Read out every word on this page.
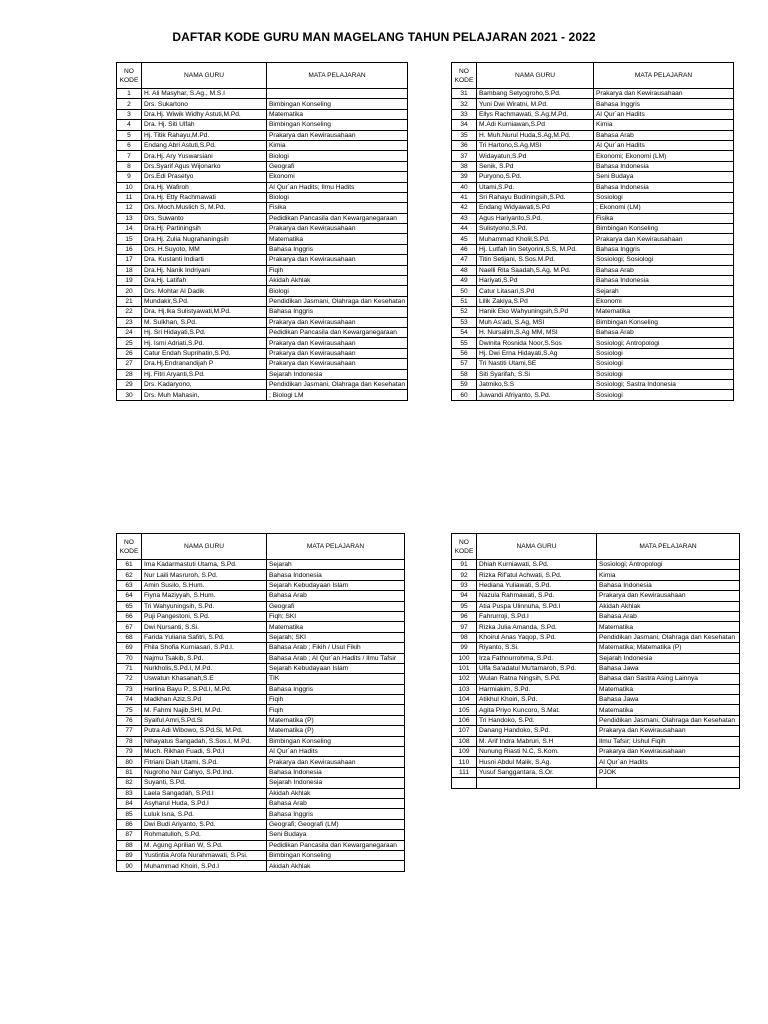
DAFTAR KODE GURU MAN MAGELANG TAHUN PELAJARAN 2021 - 2022
NO
KODE	NAMA GURU	MATA PELAJARAN
1	H. Ali Masyhar, S.Ag., M.S.I	
2	Drs. Sukartono	Bimbingan Konseling
3	Dra.Hj. Wiwik Widhy Astuti,M.Pd.	Matematika
4	Dra. Hj. Siti Ulfah	Bimbingan Konseling
5	Hj. Titik Rahayu,M.Pd.	Prakarya dan Kewirausahaan
6	Endang Abri Astuti,S.Pd.	Kimia
7	Dra.Hj. Ary Yuswarsiani	Biologi
8	Drs.Syarif Agus Wijonarko	Geografi
9	Drs.Edi Prasetyo	Ekonomi
10	Dra.Hj. Wafiroh	Al Qur`an Hadits; Ilmu Hadits
11	Dra.Hj. Etty Rachmawati	Biologi
12	Drs. Moch.Muslich S, M.Pd.	Fisika
13	Drs. Suwanto	Pedidikan Pancasila dan Kewarganegaraan
14	Dra.Hj. Partiningsih	Prakarya dan Kewirausahaan
15	Dra.Hj. Zulia Nugrahaningsih	Matematika
16	Drs. H.Suyoto, MM	Bahasa Inggris
17	Dra. Kustanti Indiarti	Prakarya dan Kewirausahaan
18	Dra.Hj. Nanik Indriyani	Fiqih
19	Dra.Hj. Latifah	Akidah Akhlak
20	Drs. Mohtar Al Dadik	Biologi
21	Mundakir,S.Pd.	Pendidikan Jasmani, Olahraga dan Kesehatan
22	Dra. Hj.Ika Sulistyawati,M.Pd.	Bahasa Inggris
23	M. Sulkhan, S.Pd.	Prakarya dan Kewirausahaan
24	Hj. Sri Hidayati,S.Pd.	Pedidikan Pancasila dan Kewarganegaraan
25	Hj. Ismi Adriati,S.Pd.	Prakarya dan Kewirausahaan
26	Catur Endah Suprihatin,S.Pd.	Prakarya dan Kewirausahaan
27	Dra.Hj.Endranandijah P	Prakarya dan Kewirausahaan
28	Hj. Fitri Aryanti,S.Pd.	Sejarah Indonesia
29	Drs. Kadaryono,	Pendidikan Jasmani, Olahraga dan Kesehatan
30	Drs. Muh Mahasin,	; Biologi LM
NO
KODE	NAMA GURU	MATA PELAJARAN
31	Bambang Setyogroho,S.Pd.	Prakarya dan Kewirausahaan
32	Yuni Dwi Wiratni, M.Pd.	Bahasa Inggris
33	Ellys Rachmawati, S.Ag.M.Pd.	Al Qur`an Hadits
34	M.Adi Kurniawan,S.Pd	Kimia
35	H. Muh.Nurul Huda,S.Ag,M.Pd.	Bahasa Arab
36	Tri Hartono,S.Ag.MSI	Al Qur`an Hadits
37	Widayatun,S.Pd	Ekonomi; Ekonomi (LM)
38	Senik, S.Pd	Bahasa Indonesia
39	Puryono,S.Pd.	Seni Budaya
40	Utami,S.Pd.	Bahasa Indonesia
41	Sri Rahayu Budiningsih,S.Pd.	Sosiologi
42	Endang Widyawati,S.Pd	; Ekonomi (LM)
43	Agus Hariyanto,S.Pd.	Fisika
44	Sulistyono,S.Pd.	Bimbingan Konseling
45	Muhammad Kholil,S.Pd.	Prakarya dan Kewirausahaan
46	Hj. Lutfah Iin Setyorini,S.S, M.Pd.	Bahasa Inggris
47	Titin Setijani, S.Sos.M.Pd.	Sosiologi; Sosiologi
48	Naelli Rita Saadah,S.Ag. M.Pd.	Bahasa Arab
49	Hariyati,S.Pd	Bahasa Indonesia
50	Catur Litasari,S.Pd	Sejarah
51	Lilik Zakiya,S.Pd	Ekonomi
52	Hanik Eko Wahyuningsih,S.Pd	Matematika
53	Muh As'adi, S.Ag, MSI	Bimbingan Konseling
54	H. Nursalim,S.Ag MM, MSI	Bahasa Arab
55	Dwinita Rosnida Noor,S.Sos	Sosiologi; Antropologi
56	Hj. Dwi Erna Hidayati,S.Ag	Sosiologi
57	Tri Nastiti Utami,SE	Sosiologi
58	Siti Syarifah, S.Si	Sosiologi
59	Jatmiko,S.S	Sosiologi; Sastra Indonesia
60	Juwandi Afriyanto, S.Pd.	Sosiologi
NO
KODE	NAMA GURU	MATA PELAJARAN
61	Ima Kadarmastuti Utama, S.Pd.	Sejarah
62	Nur Laili Masruroh, S.Pd.	Bahasa Indonesia
63	Amin Susilo, S.Hum.	Sejarah Kebudayaan Islam
64	Fiyna Maziyyah, S.Hum.	Bahasa Arab
65	Tri Wahyuningsih, S.Pd.	Geografi
66	Puji Pangestoni, S.Pd.	Fiqh; SKI
67	Dwi Nursanti, S.Si.	Matematika
68	Farida Yuliana Safitri, S.Pd.	Sejarah; SKI
69	Fhila Shofia Kurniasari, S.Pd.I.	Bahasa Arab ; Fikih / Usul Fikih
70	Najmu Tsakib, S.Pd.	Bahasa Arab ; Al Qur`an Hadits / Ilmu Tafsir
71	Nurkholis,S.Pd.I, M.Pd.	Sejarah Kebudayaan Islam
72	Uswatun Khasanah,S.E	TIK
73	Herlina Bayu P., S.Pd.I, M.Pd.	Bahasa Inggris
74	Madkhan Aziz,S.Pd	Fiqih
75	M. Fahmi Najib,SHI, M.Pd.	Fiqih
76	Syaiful Amri,S.Pd.Si	Matematika (P)
77	Putra Adi Wibowo, S.Pd.Si, M.Pd.	Matematika (P)
78	Nihayatus Sangadah, S.Sos.I, M.Pd.	Bimbingan Konseling
79	Much. Rikhan Fuadi, S.Pd.I	Al Qur`an Hadits
80	Fitriani Diah Utami, S.Pd.	Prakarya dan Kewirausahaan
81	Nugroho Nur Cahyo, S.Pd.Ind.	Bahasa Indonesia
82	Suyanti, S.Pd.	Sejarah Indonesia
83	Laela Sangadah, S.Pd.I	Akidah Akhlak
84	Asyharul Huda, S.Pd.I	Bahasa Arab
85	Luluk Isna, S.Pd.	Bahasa Inggris
86	Dwi Budi Ariyanto, S.Pd.	Geografi; Geografi (LM)
87	Rohmatulloh, S.Pd.	Seni Budaya
88	M. Agung Aprilian W, S.Pd.	Pedidikan Pancasila dan Kewarganegaraan
89	Yustintia Arofa Nurahmawati, S.Psi.	Bimbingan Konseling
90	Muhammad Khoiri, S.Pd.I	Akidah Akhlak
NO
KODE	NAMA GURU	MATA PELAJARAN
91	Dhiah Kurniawati, S.Pd.	Sosiologi; Antropologi
92	Rizka Rif'atul Achwati, S.Pd.	Kimia
93	Hediana Yuliawati, S.Pd.	Bahasa Indonesia
94	Nazula Rahmawati, S.Pd.	Prakarya dan Kewirausahaan
95	Atia Puspa Ulinnuha, S.Pd.I	Akidah Akhlak
96	Fahrurroji, S.Pd.I	Bahasa Arab
97	Rizka Julia Amanda, S.Pd.	Matematika
98	Khoirul Anas Yaqop, S.Pd.	Pendidikan Jasmani, Olahraga dan Kesehatan
99	Riyanto, S.Si.	Matematika; Matematika (P)
100	Irza Fathnurrohma, S.Pd.	Sejarah Indonesia
101	Ulfa Sa'adatul Mu'tamaroh, S.Pd.	Bahasa Jawa
102	Wulan Ratna Ningsih, S.Pd.	Bahasa dan Sastra Asing Lainnya
103	Harmiakim, S.Pd.	Matematika
104	Atikhul Khoiri, S.Pd.	Bahasa Jawa
105	Agita Priyo Kuncoro, S.Mat.	Matematika
106	Tri Handoko, S.Pd.	Pendidikan Jasmani, Olahraga dan Kesehatan
107	Danang Handoko, S.Pd.	Prakarya dan Kewirausahaan
108	M. Arif Indra Mabruri, S.H	Ilmu Tafsir; Ushul Fiqih
109	Nunung Riasti N.C, S.Kom.	Prakarya dan Kewirausahaan
110	Husni Abdul Malik, S.Ag.	Al Qur`an Hadits
111	Yusuf Sanggantara, S.Or.	PJOK
